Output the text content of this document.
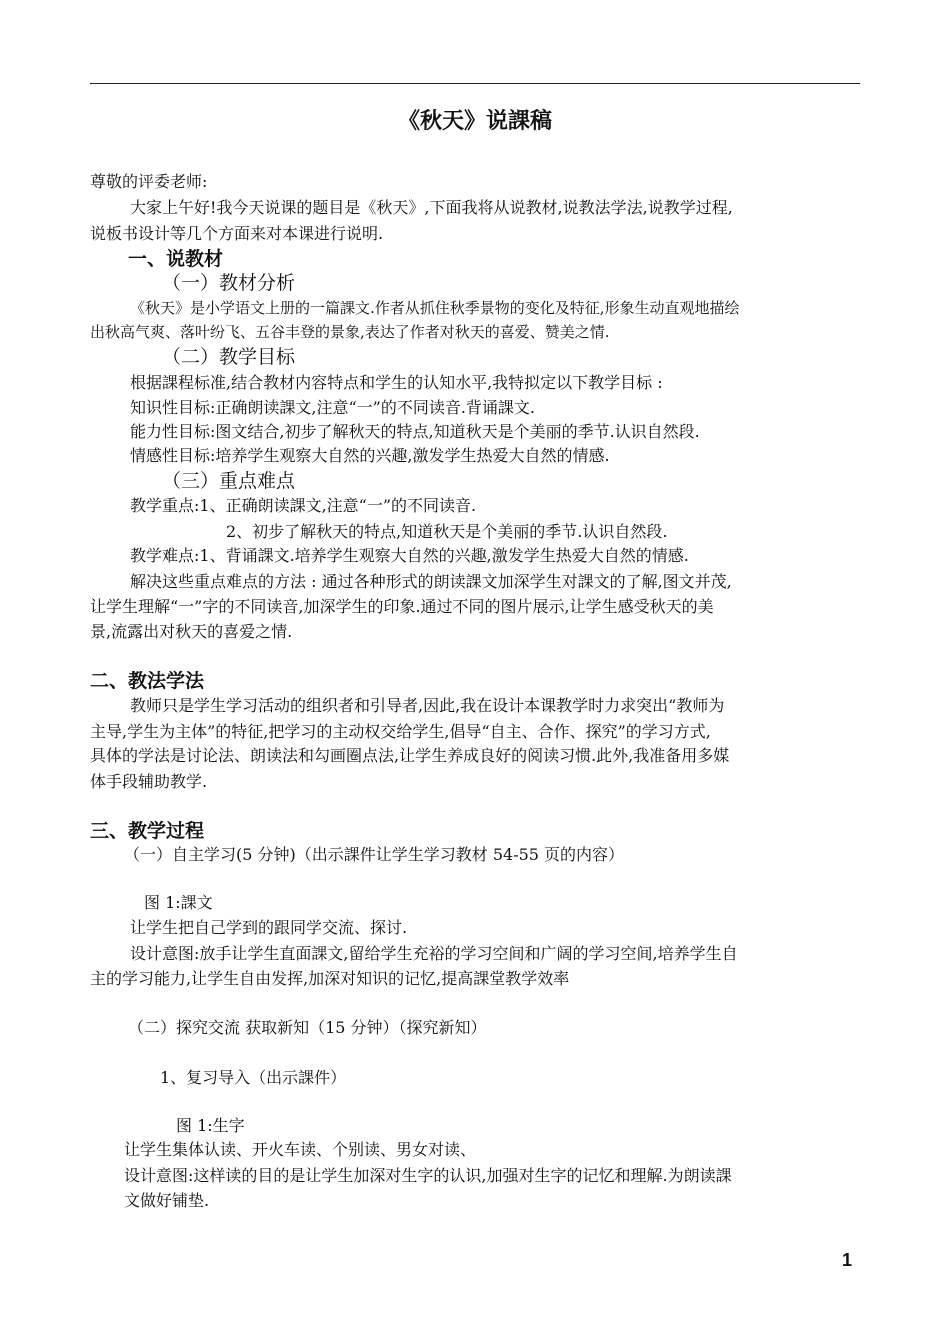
《秋天》说課稿
尊敬的评委老师:
大家上午好!我今天说课的题目是《秋天》,下面我将从说教材,说教法学法,说教学过程,
说板书设计等几个方面来对本课进行说明.
一、说教材
（一）教材分析
《秋天》是小学语文上册的一篇課文.作者从抓住秋季景物的变化及特征,形象生动直观地描绘
出秋高气爽、落叶纷飞、五谷丰登的景象,表达了作者对秋天的喜爱、赞美之情.
（二）教学目标
根据課程标准,结合教材内容特点和学生的认知水平,我特拟定以下教学目标 :
知识性目标:正确朗读課文,注意“一”的不同读音.背诵課文.
能力性目标:图文结合,初步了解秋天的特点,知道秋天是个美丽的季节.认识自然段.
情感性目标:培养学生观察大自然的兴趣,激发学生热爱大自然的情感.
（三）重点难点
教学重点:1、正确朗读課文,注意“一”的不同读音.
2、初步了解秋天的特点,知道秋天是个美丽的季节.认识自然段.
教学难点:1、背诵課文.培养学生观察大自然的兴趣,激发学生热爱大自然的情感.
解决这些重点难点的方法 : 通过各种形式的朗读課文加深学生对課文的了解,图文并茂,
让学生理解“一”字的不同读音,加深学生的印象.通过不同的图片展示,让学生感受秋天的美
景,流露出对秋天的喜爱之情.
二、教法学法
教师只是学生学习活动的组织者和引导者,因此,我在设计本课教学时力求突出“教师为
主导,学生为主体”的特征,把学习的主动权交给学生,倡导“自主、合作、探究”的学习方式,
具体的学法是讨论法、朗读法和勾画圈点法,让学生养成良好的阅读习惯.此外,我准备用多媒
体手段辅助教学.
三、教学过程
（一）自主学习(5 分钟)（出示課件让学生学习教材 54-55 页的内容）
图 1:課文
让学生把自己学到的跟同学交流、探讨.
设计意图:放手让学生直面課文,留给学生充裕的学习空间和广阔的学习空间,培养学生自
主的学习能力,让学生自由发挥,加深对知识的记忆,提高課堂教学效率
（二）探究交流 获取新知（15 分钟）（探究新知）
1、复习导入（出示課件）
图 1:生字
让学生集体认读、开火车读、个别读、男女对读、
设计意图:这样读的目的是让学生加深对生字的认识,加强对生字的记忆和理解.为朗读課
文做好铺垫.
1
